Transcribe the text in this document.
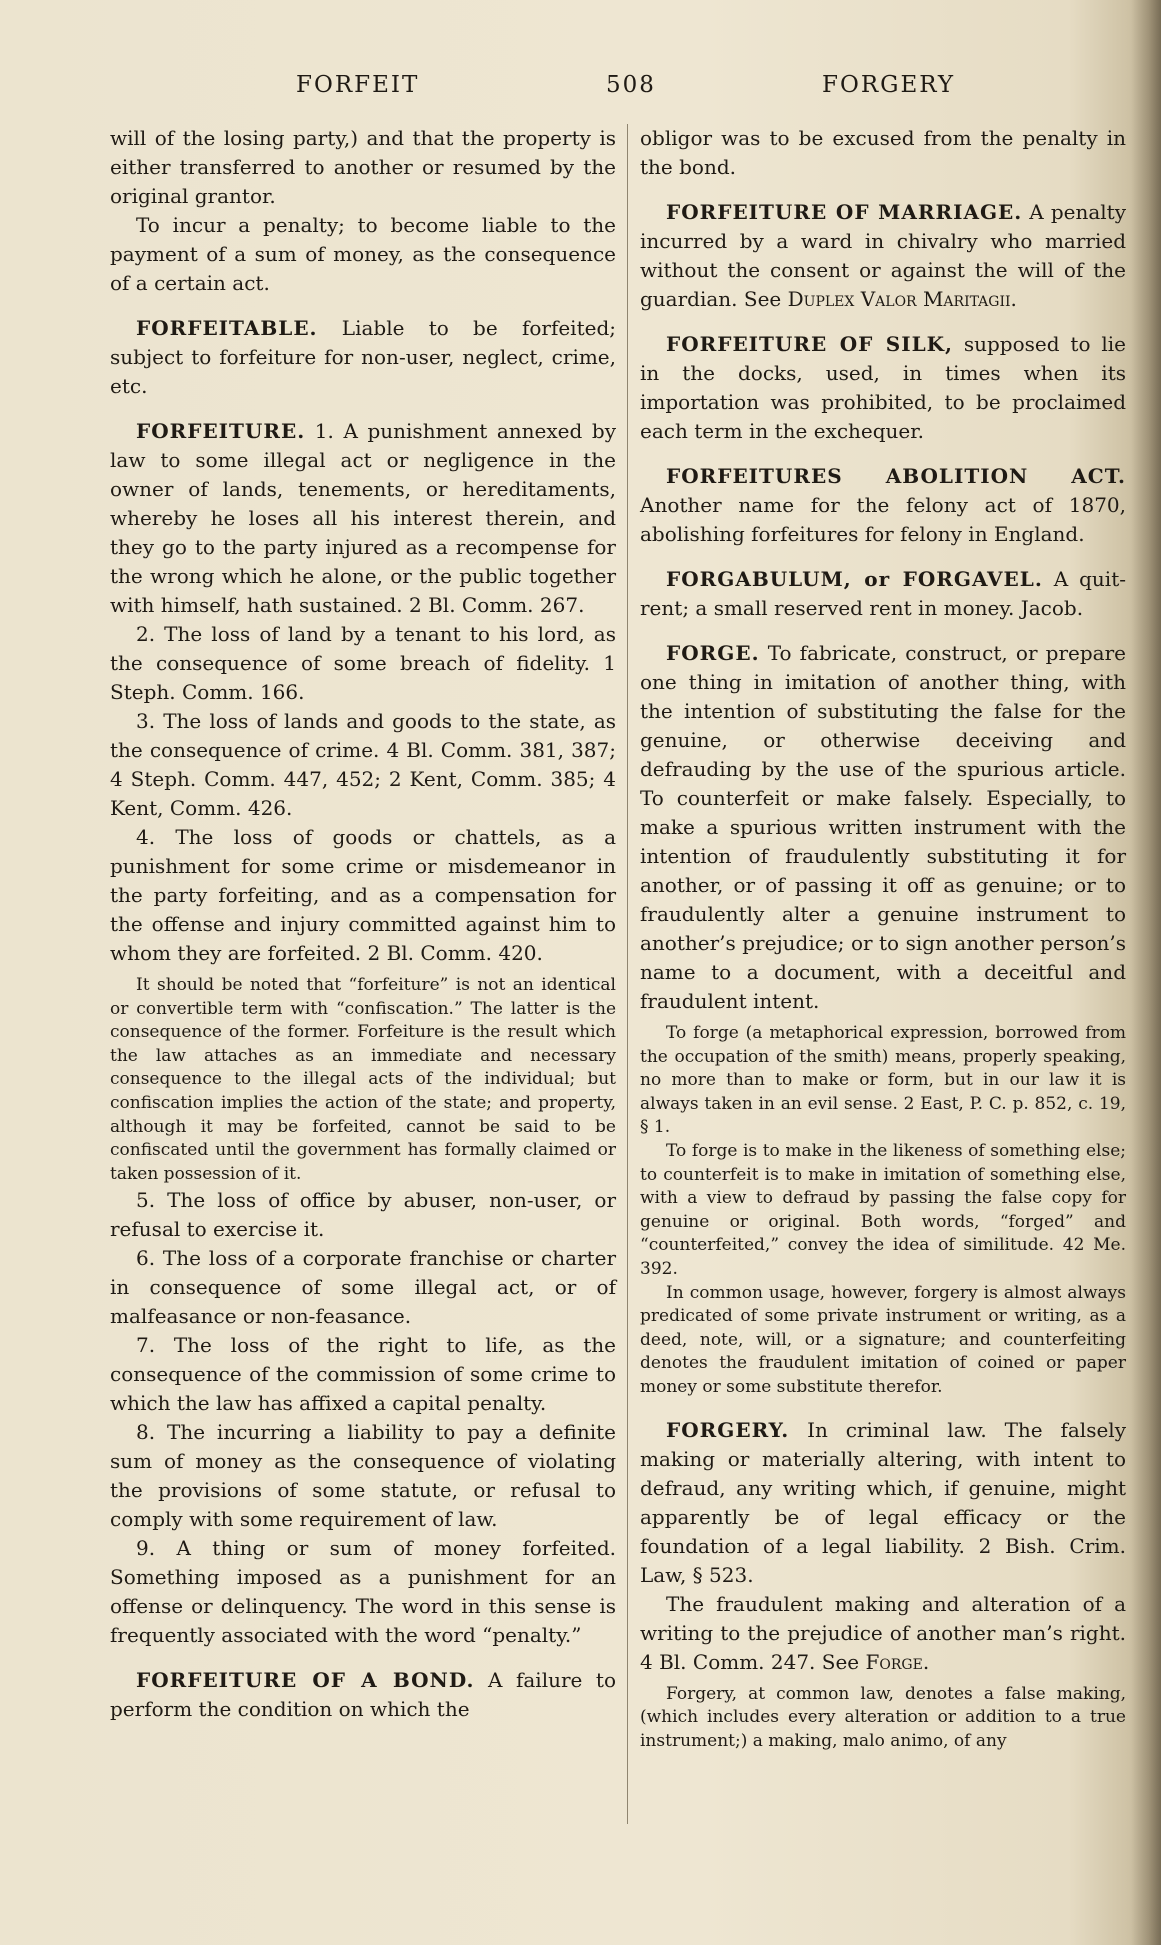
FORFEIT	508	FORGERY

will of the losing party,) and that the property is either transferred to another or resumed by the original grantor.

To incur a penalty; to become liable to the payment of a sum of money, as the consequence of a certain act.

FORFEITABLE. Liable to be forfeited; subject to forfeiture for non-user, neglect, crime, etc.

FORFEITURE. 1. A punishment annexed by law to some illegal act or negligence in the owner of lands, tenements, or hereditaments, whereby he loses all his interest therein, and they go to the party injured as a recompense for the wrong which he alone, or the public together with himself, hath sustained. 2 Bl. Comm. 267.

2. The loss of land by a tenant to his lord, as the consequence of some breach of fidelity. 1 Steph. Comm. 166.

3. The loss of lands and goods to the state, as the consequence of crime. 4 Bl. Comm. 381, 387; 4 Steph. Comm. 447, 452; 2 Kent, Comm. 385; 4 Kent, Comm. 426.

4. The loss of goods or chattels, as a punishment for some crime or misdemeanor in the party forfeiting, and as a compensation for the offense and injury committed against him to whom they are forfeited. 2 Bl. Comm. 420.

It should be noted that “forfeiture” is not an identical or convertible term with “confiscation.” The latter is the consequence of the former. Forfeiture is the result which the law attaches as an immediate and necessary consequence to the illegal acts of the individual; but confiscation implies the action of the state; and property, although it may be forfeited, cannot be said to be confiscated until the government has formally claimed or taken possession of it.

5. The loss of office by abuser, non-user, or refusal to exercise it.

6. The loss of a corporate franchise or charter in consequence of some illegal act, or of malfeasance or non-feasance.

7. The loss of the right to life, as the consequence of the commission of some crime to which the law has affixed a capital penalty.

8. The incurring a liability to pay a definite sum of money as the consequence of violating the provisions of some statute, or refusal to comply with some requirement of law.

9. A thing or sum of money forfeited. Something imposed as a punishment for an offense or delinquency. The word in this sense is frequently associated with the word “penalty.”

FORFEITURE OF A BOND. A failure to perform the condition on which the

obligor was to be excused from the penalty in the bond.

FORFEITURE OF MARRIAGE. A penalty incurred by a ward in chivalry who married without the consent or against the will of the guardian. See Duplex Valor Maritagii.

FORFEITURE OF SILK, supposed to lie in the docks, used, in times when its importation was prohibited, to be proclaimed each term in the exchequer.

FORFEITURES ABOLITION ACT. Another name for the felony act of 1870, abolishing forfeitures for felony in England.

FORGABULUM, or FORGAVEL. A quit-rent; a small reserved rent in money. Jacob.

FORGE. To fabricate, construct, or prepare one thing in imitation of another thing, with the intention of substituting the false for the genuine, or otherwise deceiving and defrauding by the use of the spurious article. To counterfeit or make falsely. Especially, to make a spurious written instrument with the intention of fraudulently substituting it for another, or of passing it off as genuine; or to fraudulently alter a genuine instrument to another’s prejudice; or to sign another person’s name to a document, with a deceitful and fraudulent intent.

To forge (a metaphorical expression, borrowed from the occupation of the smith) means, properly speaking, no more than to make or form, but in our law it is always taken in an evil sense. 2 East, P. C. p. 852, c. 19, § 1.

To forge is to make in the likeness of something else; to counterfeit is to make in imitation of something else, with a view to defraud by passing the false copy for genuine or original. Both words, “forged” and “counterfeited,” convey the idea of similitude. 42 Me. 392.

In common usage, however, forgery is almost always predicated of some private instrument or writing, as a deed, note, will, or a signature; and counterfeiting denotes the fraudulent imitation of coined or paper money or some substitute therefor.

FORGERY. In criminal law. The falsely making or materially altering, with intent to defraud, any writing which, if genuine, might apparently be of legal efficacy or the foundation of a legal liability. 2 Bish. Crim. Law, § 523.

The fraudulent making and alteration of a writing to the prejudice of another man’s right. 4 Bl. Comm. 247. See Forge.

Forgery, at common law, denotes a false making, (which includes every alteration or addition to a true instrument;) a making, malo animo, of any
